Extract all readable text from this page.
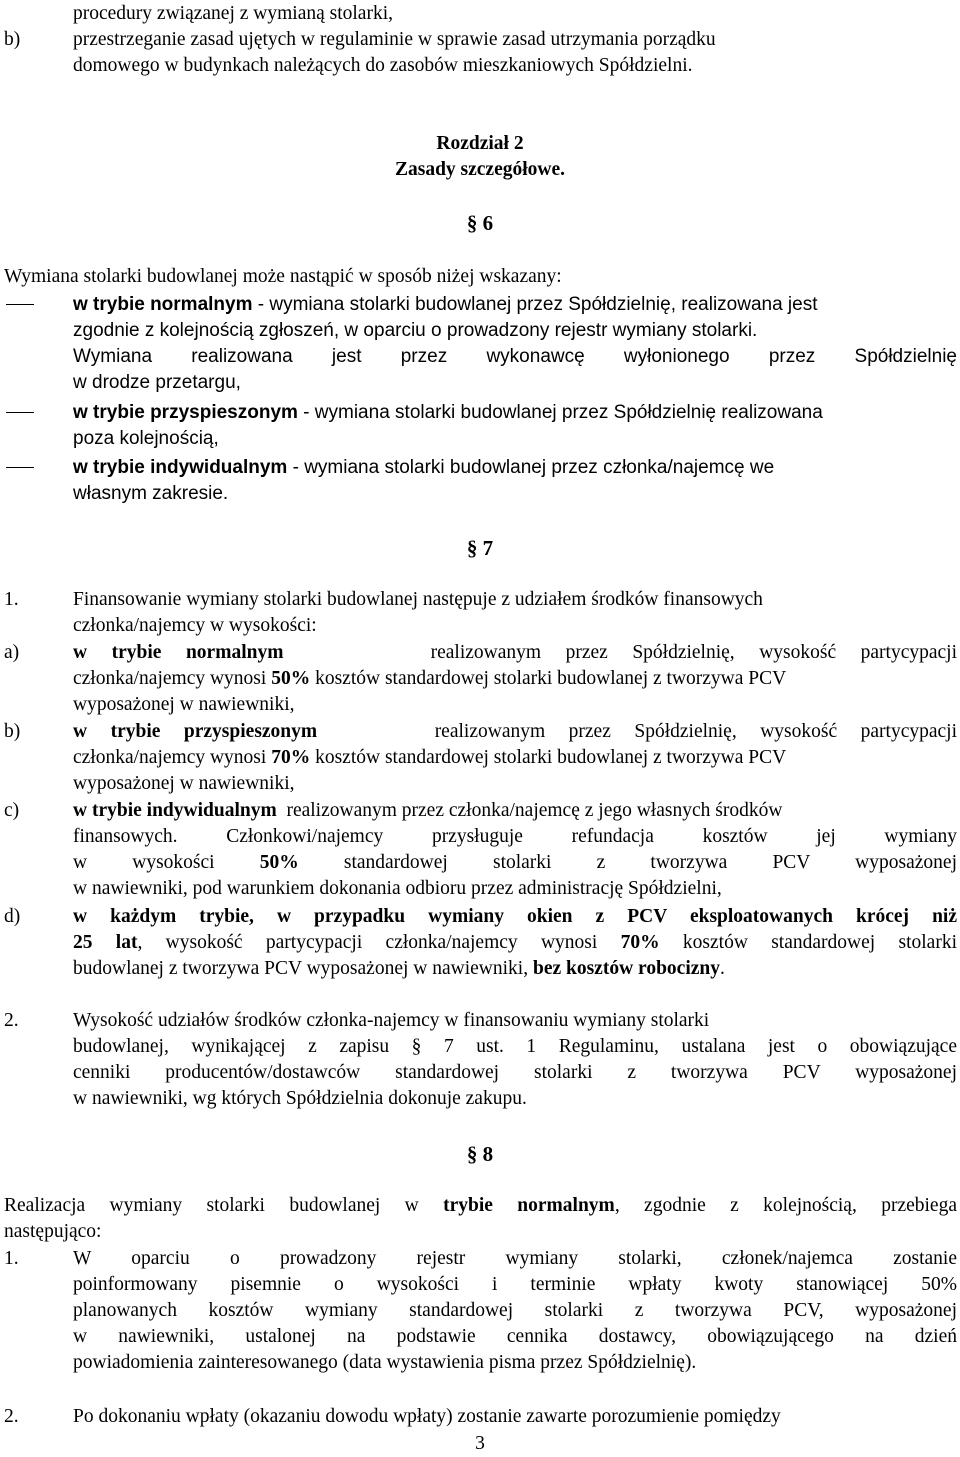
procedury związanej z wymianą stolarki,
b)	przestrzeganie zasad ujętych w regulaminie w sprawie zasad utrzymania porządku
domowego w budynkach należących do zasobów mieszkaniowych Spółdzielni.
Rozdział 2
Zasady szczegółowe.
§ 6
Wymiana stolarki budowlanej może nastąpić w sposób niżej wskazany:
w trybie normalnym - wymiana stolarki budowlanej przez Spółdzielnię, realizowana jest
zgodnie z kolejnością zgłoszeń, w oparciu o prowadzony rejestr wymiany stolarki.
Wymiana realizowana jest przez wykonawcę wyłonionego przez Spółdzielnię
w drodze przetargu,
w trybie przyspieszonym - wymiana stolarki budowlanej przez Spółdzielnię realizowana
poza kolejnością,
w trybie indywidualnym - wymiana stolarki budowlanej przez członka/najemcę we
własnym zakresie.
§ 7
1.	Finansowanie wymiany stolarki budowlanej następuje z udziałem środków finansowych
członka/najemcy w wysokości:
a)	w trybie normalnym	realizowanym przez Spółdzielnię, wysokość partycypacji
członka/najemcy wynosi 50% kosztów standardowej stolarki budowlanej z tworzywa PCV
wyposażonej w nawiewniki,
b)	w trybie przyspieszonym	realizowanym przez Spółdzielnię, wysokość partycypacji
członka/najemcy wynosi 70% kosztów standardowej stolarki budowlanej z tworzywa PCV
wyposażonej w nawiewniki,
c)	w trybie indywidualnym realizowanym przez członka/najemcę z jego własnych środków
finansowych. Członkowi/najemcy przysługuje refundacja kosztów jej wymiany
w wysokości 50% standardowej stolarki z tworzywa PCV wyposażonej
w nawiewniki, pod warunkiem dokonania odbioru przez administrację Spółdzielni,
d)	w każdym trybie, w przypadku wymiany okien z PCV eksploatowanych krócej niż
25 lat, wysokość partycypacji członka/najemcy wynosi 70% kosztów standardowej stolarki
budowlanej z tworzywa PCV wyposażonej w nawiewniki, bez kosztów robocizny.
2.	Wysokość udziałów środków członka-najemcy w finansowaniu wymiany stolarki
budowlanej, wynikającej z zapisu § 7 ust. 1 Regulaminu, ustalana jest o obowiązujące
cenniki producentów/dostawców standardowej stolarki z tworzywa PCV wyposażonej
w nawiewniki, wg których Spółdzielnia dokonuje zakupu.
§ 8
Realizacja wymiany stolarki budowlanej w trybie normalnym, zgodnie z kolejnością, przebiega
następująco:
1.	W oparciu o prowadzony rejestr wymiany stolarki, członek/najemca zostanie
poinformowany pisemnie o wysokości i terminie wpłaty kwoty stanowiącej 50%
planowanych kosztów wymiany standardowej stolarki z tworzywa PCV, wyposażonej
w nawiewniki, ustalonej na podstawie cennika dostawcy, obowiązującego na dzień
powiadomienia zainteresowanego (data wystawienia pisma przez Spółdzielnię).
2.	Po dokonaniu wpłaty (okazaniu dowodu wpłaty) zostanie zawarte porozumienie pomiędzy
3
